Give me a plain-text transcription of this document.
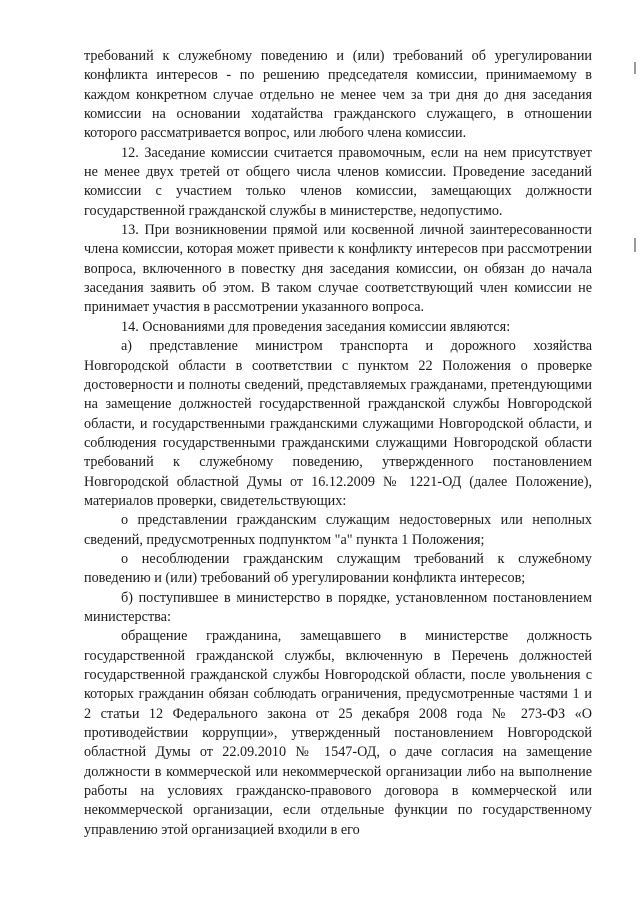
требований к служебному поведению и (или) требований об урегулировании конфликта интересов - по решению председателя комиссии, принимаемому в каждом конкретном случае отдельно не менее чем за три дня до дня заседания комиссии на основании ходатайства гражданского служащего, в отношении которого рассматривается вопрос, или любого члена комиссии.

12. Заседание комиссии считается правомочным, если на нем присутствует не менее двух третей от общего числа членов комиссии. Проведение заседаний комиссии с участием только членов комиссии, замещающих должности государственной гражданской службы в министерстве, недопустимо.

13. При возникновении прямой или косвенной личной заинтересованности члена комиссии, которая может привести к конфликту интересов при рассмотрении вопроса, включенного в повестку дня заседания комиссии, он обязан до начала заседания заявить об этом. В таком случае соответствующий член комиссии не принимает участия в рассмотрении указанного вопроса.

14. Основаниями для проведения заседания комиссии являются:

а) представление министром транспорта и дорожного хозяйства Новгородской области в соответствии с пунктом 22 Положения о проверке достоверности и полноты сведений, представляемых гражданами, претендующими на замещение должностей государственной гражданской службы Новгородской области, и государственными гражданскими служащими Новгородской области, и соблюдения государственными гражданскими служащими Новгородской области требований к служебному поведению, утвержденного постановлением Новгородской областной Думы от 16.12.2009 № 1221-ОД (далее Положение), материалов проверки, свидетельствующих:

о представлении гражданским служащим недостоверных или неполных сведений, предусмотренных подпунктом "а" пункта 1 Положения;

о несоблюдении гражданским служащим требований к служебному поведению и (или) требований об урегулировании конфликта интересов;

б) поступившее в министерство в порядке, установленном постановлением министерства:

обращение гражданина, замещавшего в министерстве должность государственной гражданской службы, включенную в Перечень должностей государственной гражданской службы Новгородской области, после увольнения с которых гражданин обязан соблюдать ограничения, предусмотренные частями 1 и 2 статьи 12 Федерального закона от 25 декабря 2008 года № 273-ФЗ «О противодействии коррупции», утвержденный постановлением Новгородской областной Думы от 22.09.2010 № 1547-ОД, о даче согласия на замещение должности в коммерческой или некоммерческой организации либо на выполнение работы на условиях гражданско-правового договора в коммерческой или некоммерческой организации, если отдельные функции по государственному управлению этой организацией входили в его
